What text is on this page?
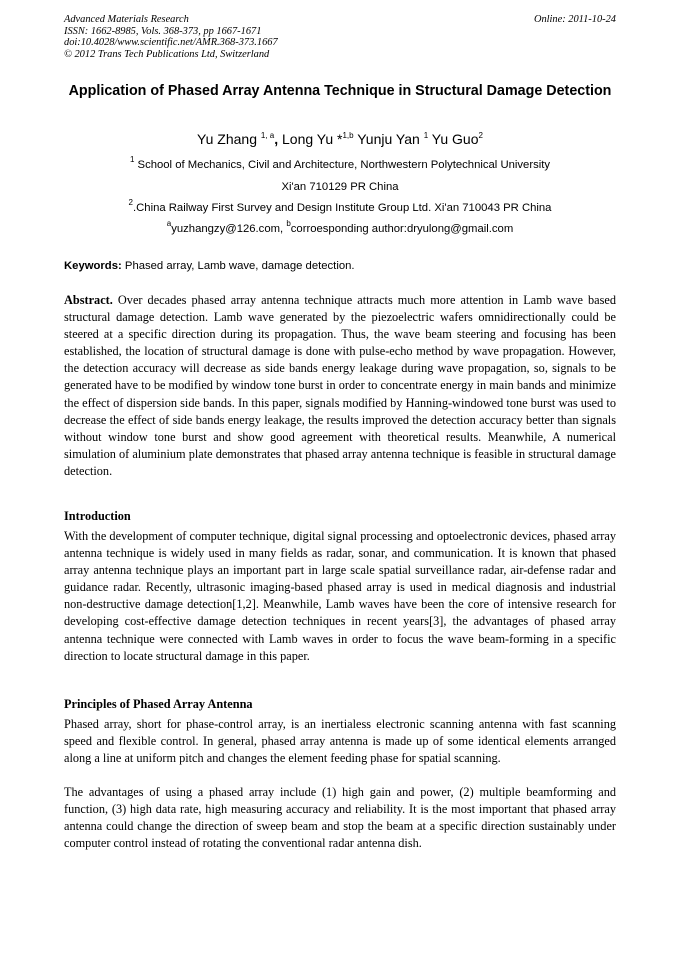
Advanced Materials Research
ISSN: 1662-8985, Vols. 368-373, pp 1667-1671
doi:10.4028/www.scientific.net/AMR.368-373.1667
© 2012 Trans Tech Publications Ltd, Switzerland
Online: 2011-10-24
Application of Phased Array Antenna Technique in Structural Damage Detection
Yu Zhang $^{1, a}$, Long Yu *$^{1,b}$ Yunju Yan $^1$ Yu Guo$^2$
$^1$ School of Mechanics, Civil and Architecture, Northwestern Polytechnical University
Xi'an 710129 PR China
$^2$.China Railway First Survey and Design Institute Group Ltd. Xi'an 710043 PR China
$^a$yuzhangzy@126.com, $^b$corroesponding author:dryulong@gmail.com
Keywords: Phased array, Lamb wave, damage detection.
Abstract. Over decades phased array antenna technique attracts much more attention in Lamb wave based structural damage detection. Lamb wave generated by the piezoelectric wafers omnidirectionally could be steered at a specific direction during its propagation. Thus, the wave beam steering and focusing has been established, the location of structural damage is done with pulse-echo method by wave propagation. However, the detection accuracy will decrease as side bands energy leakage during wave propagation, so, signals to be generated have to be modified by window tone burst in order to concentrate energy in main bands and minimize the effect of dispersion side bands. In this paper, signals modified by Hanning-windowed tone burst was used to decrease the effect of side bands energy leakage, the results improved the detection accuracy better than signals without window tone burst and show good agreement with theoretical results. Meanwhile, A numerical simulation of aluminium plate demonstrates that phased array antenna technique is feasible in structural damage detection.
Introduction
With the development of computer technique, digital signal processing and optoelectronic devices, phased array antenna technique is widely used in many fields as radar, sonar, and communication. It is known that phased array antenna technique plays an important part in large scale spatial surveillance radar, air-defense radar and guidance radar. Recently, ultrasonic imaging-based phased array is used in medical diagnosis and industrial non-destructive damage detection[1,2]. Meanwhile, Lamb waves have been the core of intensive research for developing cost-effective damage detection techniques in recent years[3], the advantages of phased array antenna technique were connected with Lamb waves in order to focus the wave beam-forming in a specific direction to locate structural damage in this paper.
Principles of Phased Array Antenna
Phased array, short for phase-control array, is an inertialess electronic scanning antenna with fast scanning speed and flexible control. In general, phased array antenna is made up of some identical elements arranged along a line at uniform pitch and changes the element feeding phase for spatial scanning.
The advantages of using a phased array include (1) high gain and power, (2) multiple beamforming and function, (3) high data rate, high measuring accuracy and reliability. It is the most important that phased array antenna could change the direction of sweep beam and stop the beam at a specific direction sustainably under computer control instead of rotating the conventional radar antenna dish.
